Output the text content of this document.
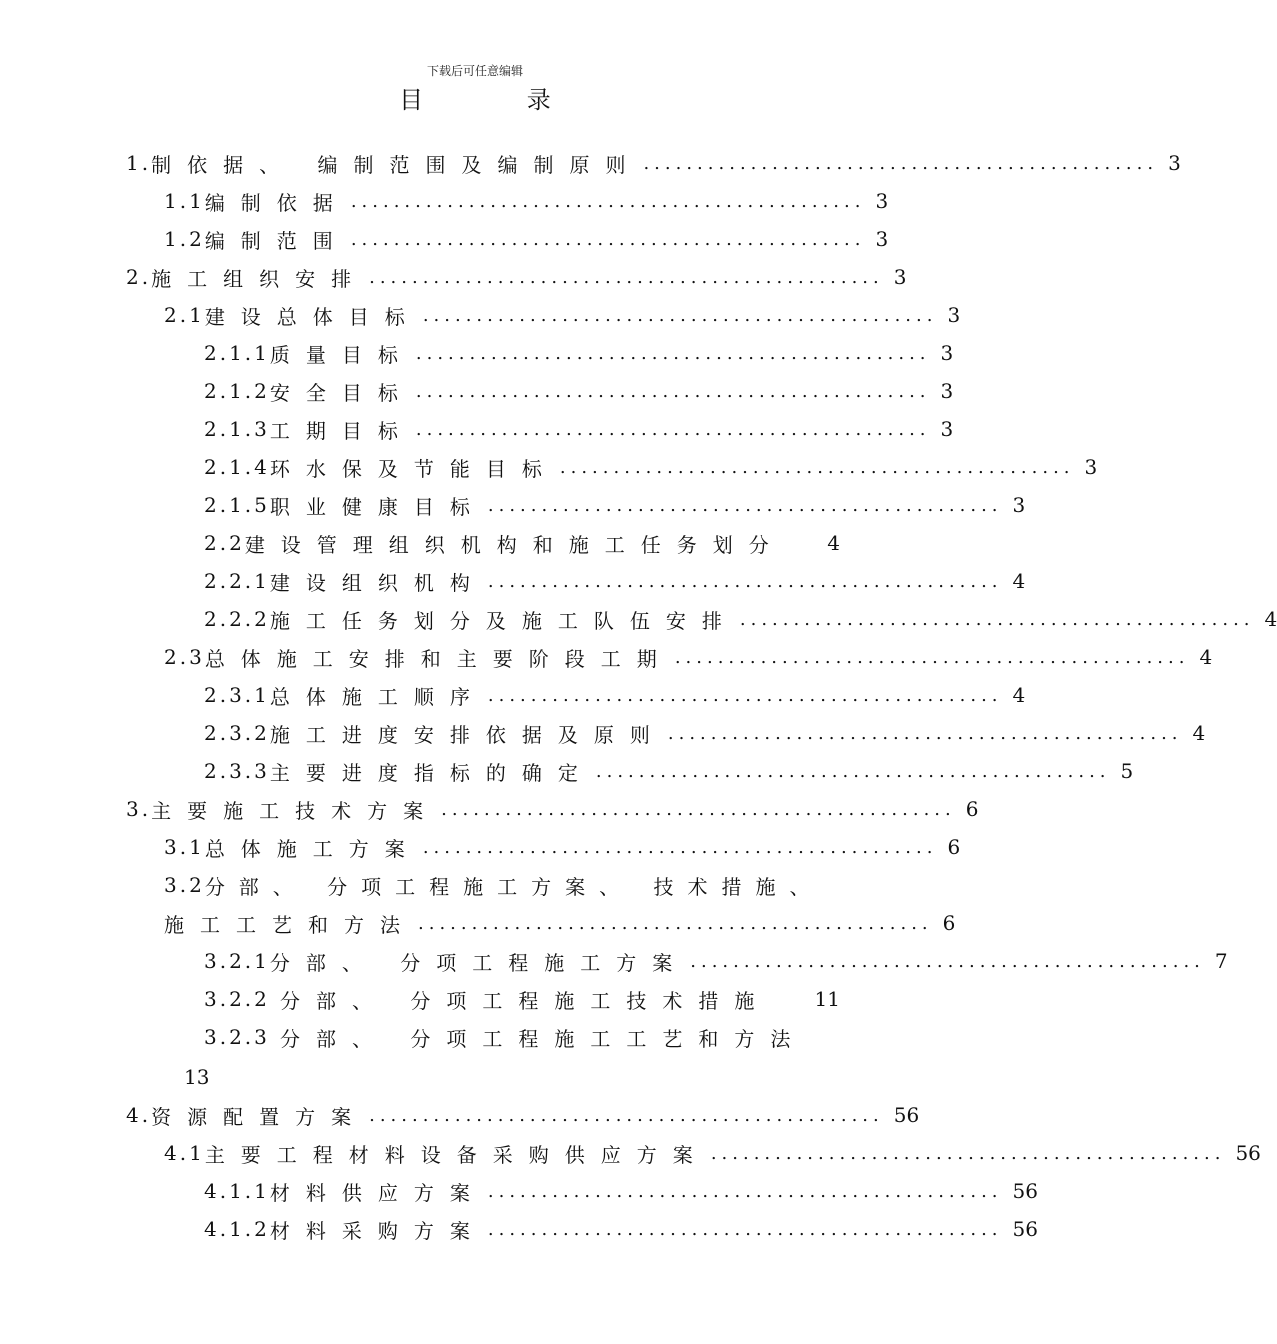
下载后可任意编辑
目 录
1. 制依据、 编制范围及编制原则 ................................................ 3
1.1 编制依据 ................................................ 3
1.2 编制范围 ................................................ 3
2. 施工组织安排 ................................................ 3
2.1 建设总体目标 ................................................ 3
2.1.1 质量目标 ................................................ 3
2.1.2 安全目标 ................................................ 3
2.1.3 工期目标 ................................................ 3
2.1.4 环水保及节能目标 ................................................ 3
2.1.5 职业健康目标 ................................................ 3
2.2 建设管理组织机构和施工任务划分 4
2.2.1 建设组织机构 ................................................ 4
2.2.2 施工任务划分及施工队伍安排 ................................................ 4
2.3 总体施工安排和主要阶段工期 ................................................ 4
2.3.1 总体施工顺序 ................................................ 4
2.3.2 施工进度安排依据及原则 ................................................ 4
2.3.3 主要进度指标的确定 ................................................ 5
3. 主要施工技术方案 ................................................ 6
3.1 总体施工方案 ................................................ 6
3.2 分部、 分项工程施工方案、 技术措施、
施工工艺和方法 ................................................ 6
3.2.1 分部、 分项工程施工方案 ................................................ 7
3.2.2 分部、 分项工程施工技术措施 11
3.2.3 分部、 分项工程施工工艺和方法
13
4. 资源配置方案 ................................................ 56
4.1 主要工程材料设备采购供应方案 ................................................ 56
4.1.1 材料供应方案 ................................................ 56
4.1.2 材料采购方案 ................................................ 56
